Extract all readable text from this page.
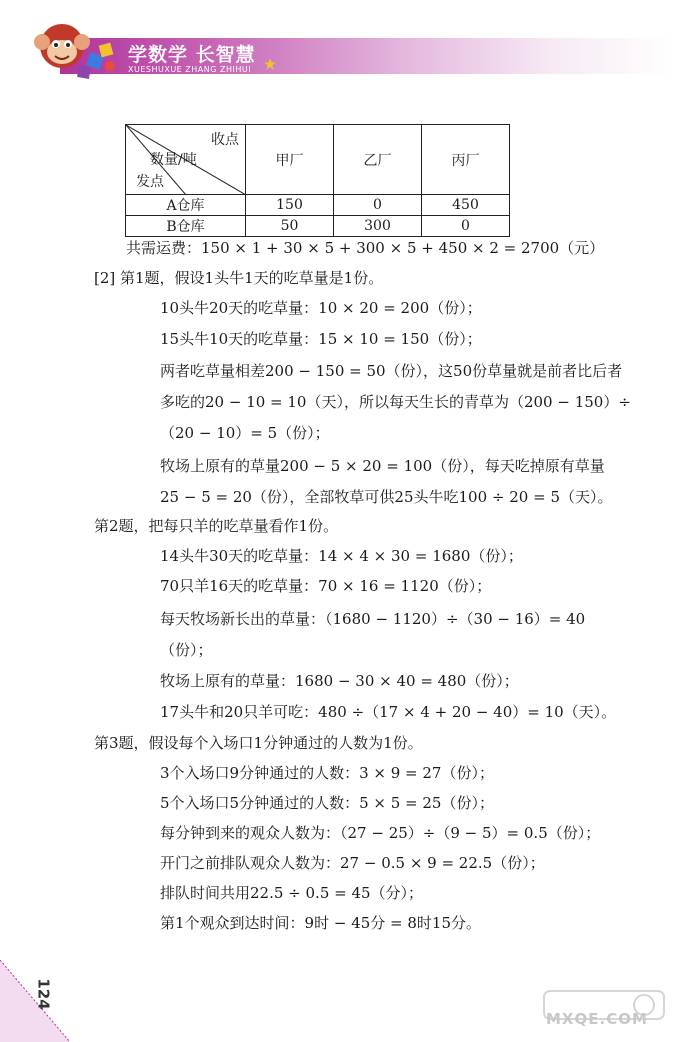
学数学 长智慧
XUESHUXUE ZHANG ZHIHUI
收点
数量/吨
发点	甲厂	乙厂	丙厂
A仓库	150	0	450
B仓库	50	300	0
共需运费：150 × 1 + 30 × 5 + 300 × 5 + 450 × 2 = 2700（元）
[2] 第1题，假设1头牛1天的吃草量是1份。
10头牛20天的吃草量：10 × 20 = 200（份）；
15头牛10天的吃草量：15 × 10 = 150（份）；
两者吃草量相差200 − 150 = 50（份），这50份草量就是前者比后者
多吃的20 − 10 = 10（天），所以每天生长的青草为（200 − 150）÷
（20 − 10）= 5（份）；
牧场上原有的草量200 − 5 × 20 = 100（份），每天吃掉原有草量
25 − 5 = 20（份），全部牧草可供25头牛吃100 ÷ 20 = 5（天）。
第2题，把每只羊的吃草量看作1份。
14头牛30天的吃草量：14 × 4 × 30 = 1680（份）；
70只羊16天的吃草量：70 × 16 = 1120（份）；
每天牧场新长出的草量：（1680 − 1120）÷（30 − 16）= 40
（份）；
牧场上原有的草量：1680 − 30 × 40 = 480（份）；
17头牛和20只羊可吃：480 ÷（17 × 4 + 20 − 40）= 10（天）。
第3题，假设每个入场口1分钟通过的人数为1份。
3个入场口9分钟通过的人数：3 × 9 = 27（份）；
5个入场口5分钟通过的人数：5 × 5 = 25（份）；
每分钟到来的观众人数为：（27 − 25）÷（9 − 5）= 0.5（份）；
开门之前排队观众人数为：27 − 0.5 × 9 = 22.5（份）；
排队时间共用22.5 ÷ 0.5 = 45（分）；
第1个观众到达时间：9时 − 45分 = 8时15分。
124
MXQE.COM
